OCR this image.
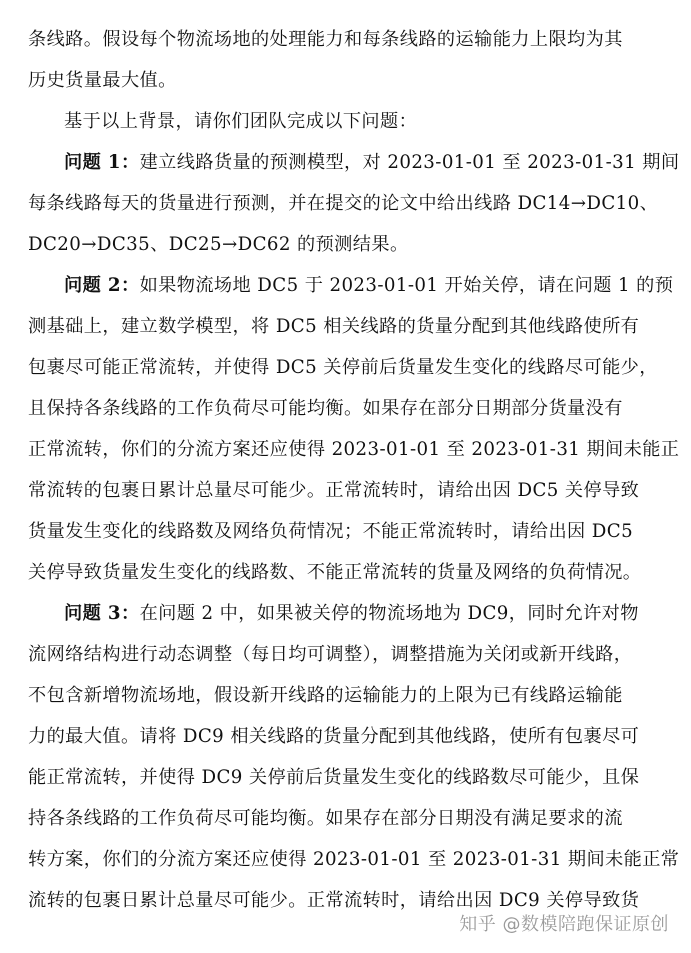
条线路。假设每个物流场地的处理能力和每条线路的运输能力上限均为其
历史货量最大值。
基于以上背景，请你们团队完成以下问题：
问题 1：建立线路货量的预测模型，对 2023-01-01 至 2023-01-31 期间
每条线路每天的货量进行预测，并在提交的论文中给出线路 DC14→DC10、
DC20→DC35、DC25→DC62 的预测结果。
问题 2：如果物流场地 DC5 于 2023-01-01 开始关停，请在问题 1 的预
测基础上，建立数学模型，将 DC5 相关线路的货量分配到其他线路使所有
包裹尽可能正常流转，并使得 DC5 关停前后货量发生变化的线路尽可能少，
且保持各条线路的工作负荷尽可能均衡。如果存在部分日期部分货量没有
正常流转，你们的分流方案还应使得 2023-01-01 至 2023-01-31 期间未能正
常流转的包裹日累计总量尽可能少。正常流转时，请给出因 DC5 关停导致
货量发生变化的线路数及网络负荷情况；不能正常流转时，请给出因 DC5
关停导致货量发生变化的线路数、不能正常流转的货量及网络的负荷情况。
问题 3：在问题 2 中，如果被关停的物流场地为 DC9，同时允许对物
流网络结构进行动态调整（每日均可调整），调整措施为关闭或新开线路，
不包含新增物流场地，假设新开线路的运输能力的上限为已有线路运输能
力的最大值。请将 DC9 相关线路的货量分配到其他线路，使所有包裹尽可
能正常流转，并使得 DC9 关停前后货量发生变化的线路数尽可能少，且保
持各条线路的工作负荷尽可能均衡。如果存在部分日期没有满足要求的流
转方案，你们的分流方案还应使得 2023-01-01 至 2023-01-31 期间未能正常
流转的包裹日累计总量尽可能少。正常流转时，请给出因 DC9 关停导致货
知乎 @数模陪跑保证原创
